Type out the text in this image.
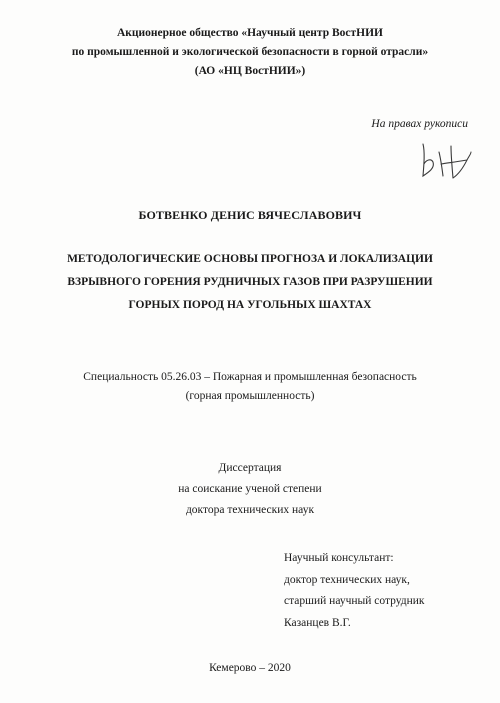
Акционерное общество «Научный центр ВостНИИ
по промышленной и экологической безопасности в горной отрасли»
(АО «НЦ ВостНИИ»)
На правах рукописи
БОТВЕНКО ДЕНИС ВЯЧЕСЛАВОВИЧ
МЕТОДОЛОГИЧЕСКИЕ ОСНОВЫ ПРОГНОЗА И ЛОКАЛИЗАЦИИ
ВЗРЫВНОГО ГОРЕНИЯ РУДНИЧНЫХ ГАЗОВ ПРИ РАЗРУШЕНИИ
ГОРНЫХ ПОРОД НА УГОЛЬНЫХ ШАХТАХ
Специальность 05.26.03 – Пожарная и промышленная безопасность
(горная промышленность)
Диссертация
на соискание ученой степени
доктора технических наук
Научный консультант:
доктор технических наук,
старший научный сотрудник
Казанцев В.Г.
Кемерово – 2020
